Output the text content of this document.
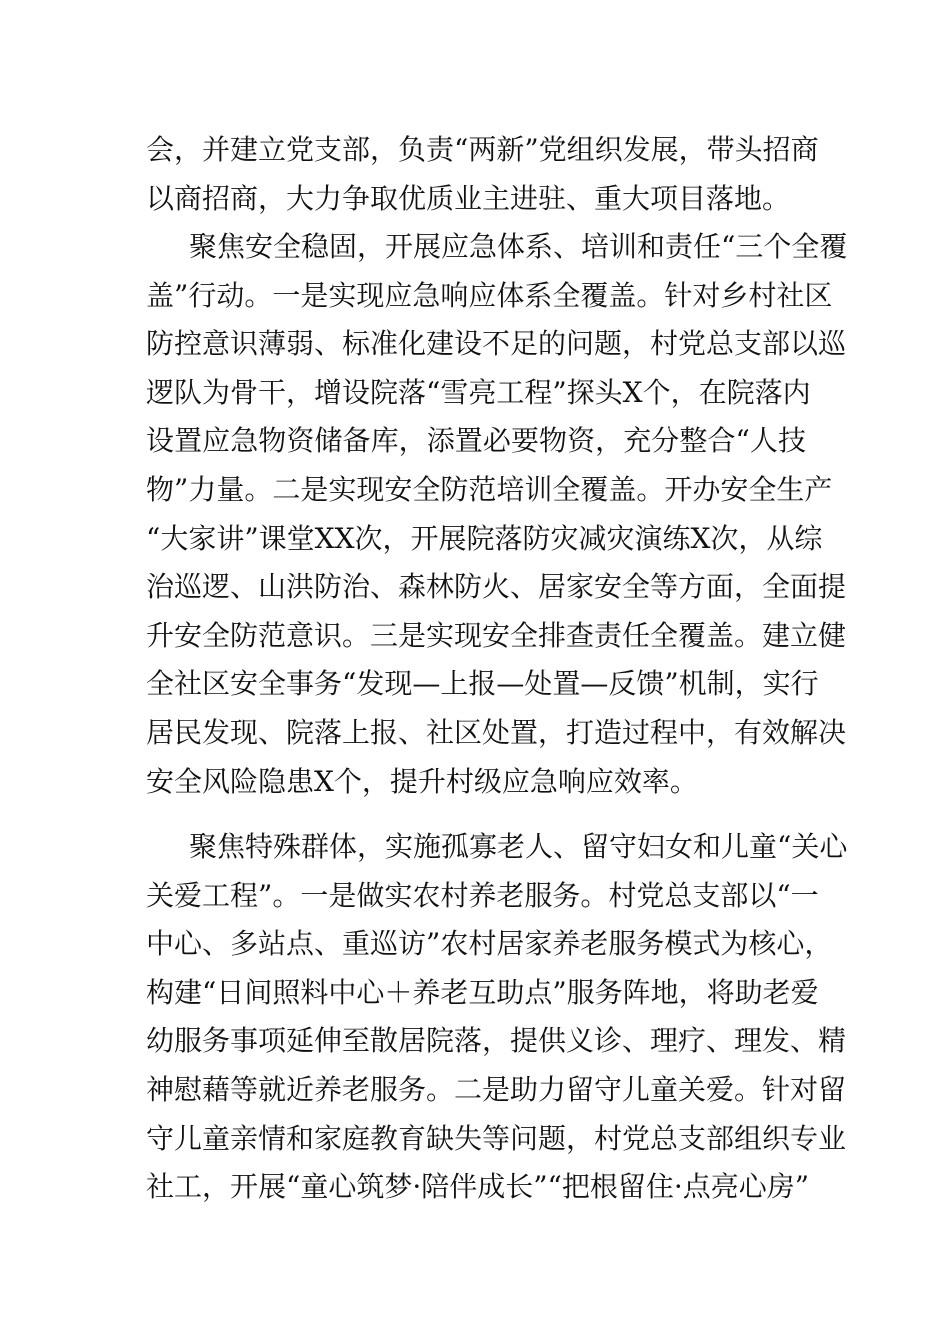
会，并建立党支部，负责“两新”党组织发展，带头招商
以商招商，大力争取优质业主进驻、重大项目落地。
聚焦安全稳固，开展应急体系、培训和责任“三个全覆
盖”行动。一是实现应急响应体系全覆盖。针对乡村社区
防控意识薄弱、标准化建设不足的问题，村党总支部以巡
逻队为骨干，增设院落“雪亮工程”探头X个，在院落内
设置应急物资储备库，添置必要物资，充分整合“人技
物”力量。二是实现安全防范培训全覆盖。开办安全生产
“大家讲”课堂XX次，开展院落防灾减灾演练X次，从综
治巡逻、山洪防治、森林防火、居家安全等方面，全面提
升安全防范意识。三是实现安全排查责任全覆盖。建立健
全社区安全事务“发现—上报—处置—反馈”机制，实行
居民发现、院落上报、社区处置，打造过程中，有效解决
安全风险隐患X个，提升村级应急响应效率。
聚焦特殊群体，实施孤寡老人、留守妇女和儿童“关心
关爱工程”。一是做实农村养老服务。村党总支部以“一
中心、多站点、重巡访”农村居家养老服务模式为核心，
构建“日间照料中心＋养老互助点”服务阵地，将助老爱
幼服务事项延伸至散居院落，提供义诊、理疗、理发、精
神慰藉等就近养老服务。二是助力留守儿童关爱。针对留
守儿童亲情和家庭教育缺失等问题，村党总支部组织专业
社工，开展“童心筑梦·陪伴成长”“把根留住·点亮心房”
